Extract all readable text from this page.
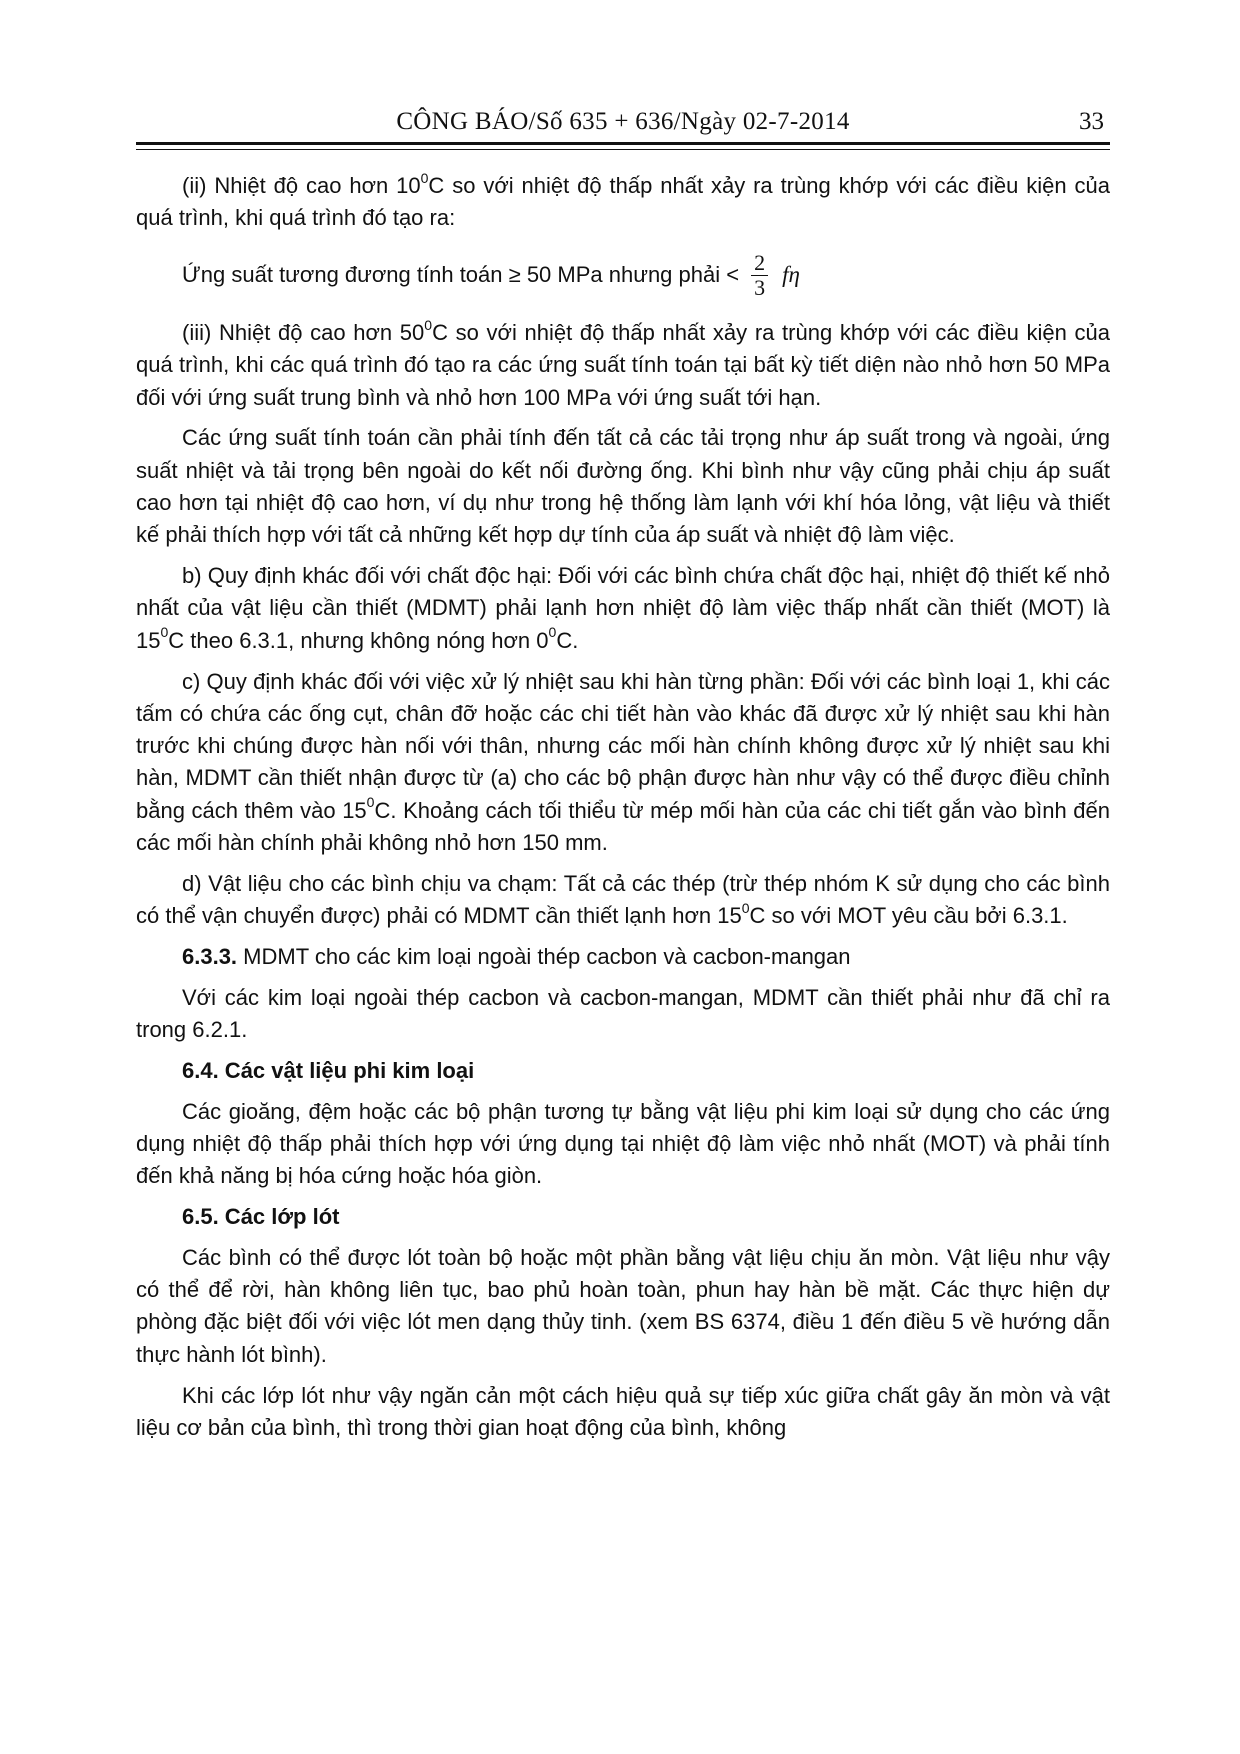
CÔNG BÁO/Số 635 + 636/Ngày 02-7-2014	33

(ii) Nhiệt độ cao hơn $10^0C$ so với nhiệt độ thấp nhất xảy ra trùng khớp với các điều kiện của quá trình, khi quá trình đó tạo ra:

Ứng suất tương đương tính toán ≥ 50 MPa nhưng phải < $\frac{2}{3}$ fη

(iii) Nhiệt độ cao hơn $50^0C$ so với nhiệt độ thấp nhất xảy ra trùng khớp với các điều kiện của quá trình, khi các quá trình đó tạo ra các ứng suất tính toán tại bất kỳ tiết diện nào nhỏ hơn 50 MPa đối với ứng suất trung bình và nhỏ hơn 100 MPa với ứng suất tới hạn.

Các ứng suất tính toán cần phải tính đến tất cả các tải trọng như áp suất trong và ngoài, ứng suất nhiệt và tải trọng bên ngoài do kết nối đường ống. Khi bình như vậy cũng phải chịu áp suất cao hơn tại nhiệt độ cao hơn, ví dụ như trong hệ thống làm lạnh với khí hóa lỏng, vật liệu và thiết kế phải thích hợp với tất cả những kết hợp dự tính của áp suất và nhiệt độ làm việc.

b) Quy định khác đối với chất độc hại: Đối với các bình chứa chất độc hại, nhiệt độ thiết kế nhỏ nhất của vật liệu cần thiết (MDMT) phải lạnh hơn nhiệt độ làm việc thấp nhất cần thiết (MOT) là $15^0C$ theo 6.3.1, nhưng không nóng hơn $0^0C$.

c) Quy định khác đối với việc xử lý nhiệt sau khi hàn từng phần: Đối với các bình loại 1, khi các tấm có chứa các ống cụt, chân đỡ hoặc các chi tiết hàn vào khác đã được xử lý nhiệt sau khi hàn trước khi chúng được hàn nối với thân, nhưng các mối hàn chính không được xử lý nhiệt sau khi hàn, MDMT cần thiết nhận được từ (a) cho các bộ phận được hàn như vậy có thể được điều chỉnh bằng cách thêm vào $15^0C$. Khoảng cách tối thiểu từ mép mối hàn của các chi tiết gắn vào bình đến các mối hàn chính phải không nhỏ hơn 150 mm.

d) Vật liệu cho các bình chịu va chạm: Tất cả các thép (trừ thép nhóm K sử dụng cho các bình có thể vận chuyển được) phải có MDMT cần thiết lạnh hơn $15^0C$ so với MOT yêu cầu bởi 6.3.1.

6.3.3. MDMT cho các kim loại ngoài thép cacbon và cacbon-mangan

Với các kim loại ngoài thép cacbon và cacbon-mangan, MDMT cần thiết phải như đã chỉ ra trong 6.2.1.

6.4. Các vật liệu phi kim loại

Các gioăng, đệm hoặc các bộ phận tương tự bằng vật liệu phi kim loại sử dụng cho các ứng dụng nhiệt độ thấp phải thích hợp với ứng dụng tại nhiệt độ làm việc nhỏ nhất (MOT) và phải tính đến khả năng bị hóa cứng hoặc hóa giòn.

6.5. Các lớp lót

Các bình có thể được lót toàn bộ hoặc một phần bằng vật liệu chịu ăn mòn. Vật liệu như vậy có thể để rời, hàn không liên tục, bao phủ hoàn toàn, phun hay hàn bề mặt. Các thực hiện dự phòng đặc biệt đối với việc lót men dạng thủy tinh. (xem BS 6374, điều 1 đến điều 5 về hướng dẫn thực hành lót bình).

Khi các lớp lót như vậy ngăn cản một cách hiệu quả sự tiếp xúc giữa chất gây ăn mòn và vật liệu cơ bản của bình, thì trong thời gian hoạt động của bình, không
